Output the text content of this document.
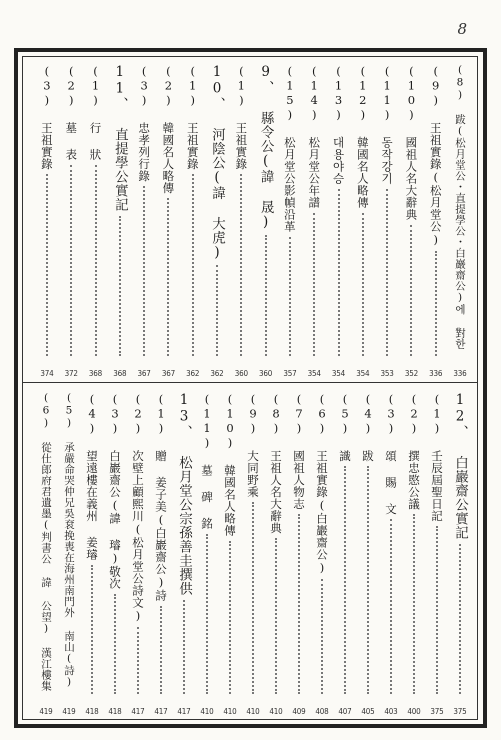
8
(8) 跋(松月堂公・直提學公・白巖齋公)에 對한
336
(9) 王祖實錄(松月堂公)
336
(10) 國祖人名大辭典
352
(11) 동작강기
353
(12) 韓國名人略傳
354
(13) 대용야승
354
(14) 松月堂公年譜
354
(15) 松月堂公影幀沿革
357
9、 縣令公(諱 晟)
360
(1) 王祖實錄
360
10、 河陰公(諱 大虎)
362
(1) 王祖實錄
362
(2) 韓國名人略傳
367
(3) 忠孝列行錄
367
11、 直提學公實記
368
(1) 行 狀
368
(2) 墓 表
372
(3) 王祖實錄
374
12、 白巖齋公實記
375
(1) 壬辰屆聖日記
375
(2) 撰忠愍公議
400
(3) 頌 賜 文
403
(4) 跋
405
(5) 識
407
(6) 王祖實錄(白巖齋公)
408
(7) 國祖人物志
409
(8) 王祖人名大辭典
410
(9) 大同野乘
410
(10) 韓國名人略傳
410
(11) 墓 碑 銘
410
13、 松月堂公宗孫善圭撰供
417
(1) 贈 姜子美(白巖齋公)詩
417
(2) 次壁上顧熙川(松月堂公詩文)
417
(3) 白巖齋公(諱 璿)敬次
418
(4) 望遠樓在義州 姜璿
418
(5) 承嚴命哭仲兄吳袞挽喪在海州南門外 南山(詩)
419
(6) 從仕郎府君遺墨(判書公 諱 公望) 漢江樓集
419
